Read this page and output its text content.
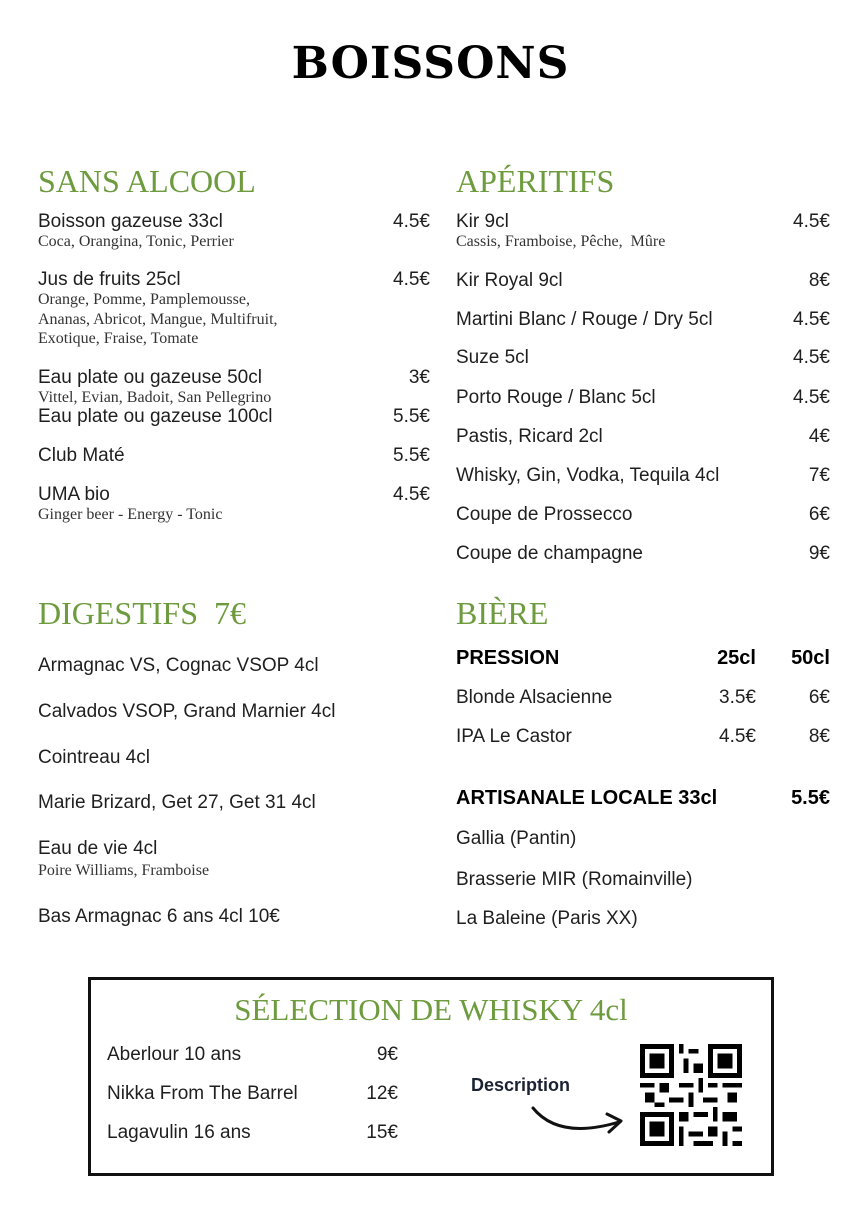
BOISSONS
SANS ALCOOL
Boisson gazeuse 33cl	4.5€
Coca, Orangina, Tonic, Perrier
Jus de fruits 25cl	4.5€
Orange, Pomme, Pamplemousse,
Ananas, Abricot, Mangue, Multifruit,
Exotique, Fraise, Tomate
Eau plate ou gazeuse 50cl	3€
Vittel, Evian, Badoit, San Pellegrino
Eau plate ou gazeuse 100cl	5.5€
Club Maté	5.5€
UMA bio	4.5€
Ginger beer - Energy - Tonic
APÉRITIFS
Kir 9cl	4.5€
Cassis, Framboise, Pêche,  Mûre
Kir Royal 9cl	8€
Martini Blanc / Rouge / Dry 5cl	4.5€
Suze 5cl	4.5€
Porto Rouge / Blanc 5cl	4.5€
Pastis, Ricard 2cl	4€
Whisky, Gin, Vodka, Tequila 4cl	7€
Coupe de Prossecco	6€
Coupe de champagne	9€
DIGESTIFS  7€
Armagnac VS, Cognac VSOP 4cl
Calvados VSOP, Grand Marnier 4cl
Cointreau 4cl
Marie Brizard, Get 27, Get 31 4cl
Eau de vie 4cl
Poire Williams, Framboise
Bas Armagnac 6 ans 4cl 10€
BIÈRE
PRESSION	25cl 50cl
Blonde Alsacienne	3.5€	6€
IPA Le Castor	4.5€	8€
ARTISANALE LOCALE 33cl	5.5€
Gallia (Pantin)
Brasserie MIR (Romainville)
La Baleine (Paris XX)
SÉLECTION DE WHISKY 4cl
Aberlour 10 ans	9€
Nikka From The Barrel	12€
Lagavulin 16 ans	15€
Description
